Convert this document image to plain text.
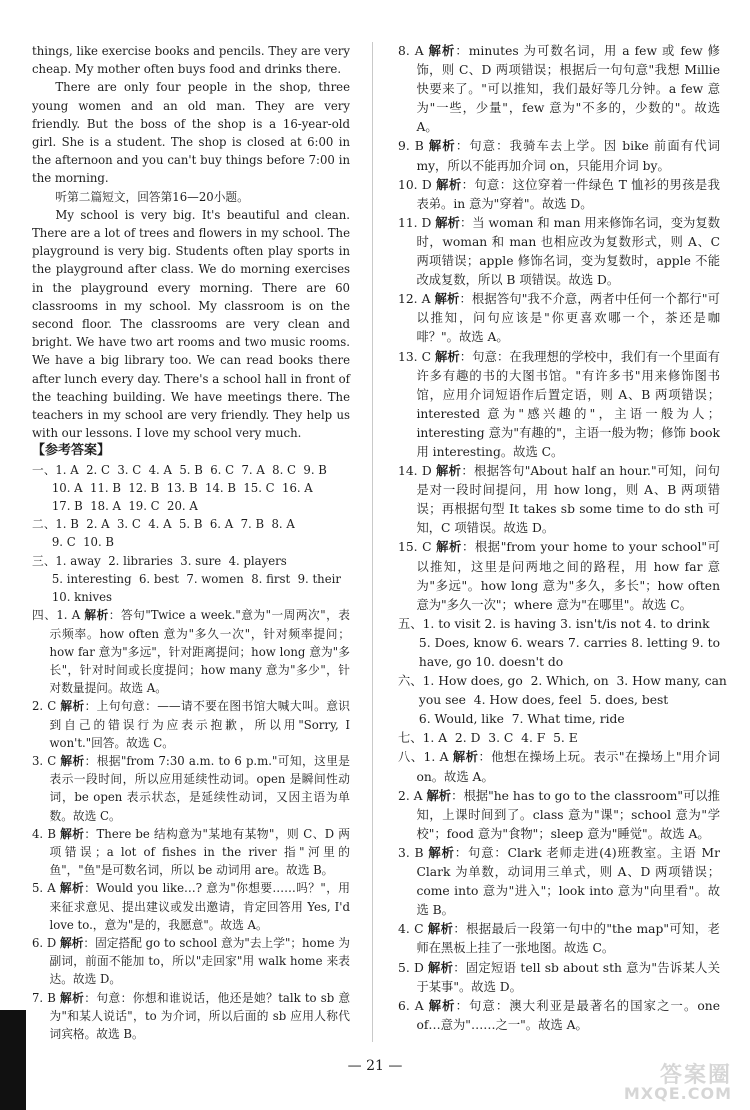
things, like exercise books and pencils. They are very cheap. My mother often buys food and drinks there.
There are only four people in the shop, three young women and an old man. They are very friendly. But the boss of the shop is a 16-year-old girl. She is a student. The shop is closed at 6:00 in the afternoon and you can't buy things before 7:00 in the morning.
听第二篇短文，回答第16—20小题。
My school is very big. It's beautiful and clean. There are a lot of trees and flowers in my school. The playground is very big. Students often play sports in the playground after class. We do morning exercises in the playground every morning. There are 60 classrooms in my school. My classroom is on the second floor. The classrooms are very clean and bright. We have two art rooms and two music rooms. We have a big library too. We can read books there after lunch every day. There's a school hall in front of the teaching building. We have meetings there. The teachers in my school are very friendly. They help us with our lessons. I love my school very much.
【参考答案】
一、1. A  2. C  3. C  4. A  5. B  6. C  7. A  8. C  9. B
10. A  11. B  12. B  13. B  14. B  15. C  16. A
17. B  18. A  19. C  20. A
二、1. B  2. A  3. C  4. A  5. B  6. A  7. B  8. A
9. C  10. B
三、1. away  2. libraries  3. sure  4. players
5. interesting  6. best  7. women  8. first  9. their
10. knives
四、1. A 解析：答句"Twice a week."意为"一周两次"，表示频率。how often 意为"多久一次"，针对频率提问；how far 意为"多远"，针对距离提问；how long 意为"多长"，针对时间或长度提问；how many 意为"多少"，针对数量提问。故选 A。
2. C 解析：上句句意：——请不要在图书馆大喊大叫。意识到自己的错误行为应表示抱歉，所以用"Sorry, I won't."回答。故选 C。
3. C 解析：根据"from 7:30 a.m. to 6 p.m."可知，这里是表示一段时间，所以应用延续性动词。open 是瞬间性动词，be open 表示状态，是延续性动词，又因主语为单数。故选 C。
4. B 解析：There be 结构意为"某地有某物"，则 C、D 两项错误；a lot of fishes in the river 指"河里的鱼"，"鱼"是可数名词，所以 be 动词用 are。故选 B。
5. A 解析：Would you like…? 意为"你想要……吗？"，用来征求意见、提出建议或发出邀请，肯定回答用 Yes, I'd love to.，意为"是的，我愿意"。故选 A。
6. D 解析：固定搭配 go to school 意为"去上学"；home 为副词，前面不能加 to，所以"走回家"用 walk home 来表达。故选 D。
7. B 解析：句意：你想和谁说话，他还是她？talk to sb 意为"和某人说话"，to 为介词，所以后面的 sb 应用人称代词宾格。故选 B。
8. A 解析：minutes 为可数名词，用 a few 或 few 修饰，则 C、D 两项错误；根据后一句句意"我想 Millie 快要来了。"可以推知，我们最好等几分钟。a few 意为"一些，少量"，few 意为"不多的，少数的"。故选 A。
9. B 解析：句意：我骑车去上学。因 bike 前面有代词 my，所以不能再加介词 on，只能用介词 by。
10. D 解析：句意：这位穿着一件绿色 T 恤衫的男孩是我表弟。in 意为"穿着"。故选 D。
11. D 解析：当 woman 和 man 用来修饰名词，变为复数时，woman 和 man 也相应改为复数形式，则 A、C 两项错误；apple 修饰名词，变为复数时，apple 不能改成复数，所以 B 项错误。故选 D。
12. A 解析：根据答句"我不介意，两者中任何一个都行"可以推知，问句应该是"你更喜欢哪一个，茶还是咖啡？"。故选 A。
13. C 解析：句意：在我理想的学校中，我们有一个里面有许多有趣的书的大图书馆。"有许多书"用来修饰图书馆，应用介词短语作后置定语，则 A、B 两项错误；interested 意为"感兴趣的"，主语一般为人；interesting 意为"有趣的"，主语一般为物；修饰 book 用 interesting。故选 C。
14. D 解析：根据答句"About half an hour."可知，问句是对一段时间提问，用 how long，则 A、B 两项错误；再根据句型 It takes sb some time to do sth 可知，C 项错误。故选 D。
15. C 解析：根据"from your home to your school"可以推知，这里是问两地之间的路程，用 how far 意为"多远"。how long 意为"多久，多长"；how often 意为"多久一次"；where 意为"在哪里"。故选 C。
五、1. to visit 2. is having 3. isn't/is not 4. to drink
5. Does, know 6. wears 7. carries 8. letting 9. to have, go 10. doesn't do
六、1. How does, go  2. Which, on  3. How many, can
you see  4. How does, feel  5. does, best
6. Would, like  7. What time, ride
七、1. A  2. D  3. C  4. F  5. E
八、1. A 解析：他想在操场上玩。表示"在操场上"用介词 on。故选 A。
2. A 解析：根据"he has to go to the classroom"可以推知，上课时间到了。class 意为"课"；school 意为"学校"；food 意为"食物"；sleep 意为"睡觉"。故选 A。
3. B 解析：句意：Clark 老师走进(4)班教室。主语 Mr Clark 为单数，动词用三单式，则 A、D 两项错误；come into 意为"进入"；look into 意为"向里看"。故选 B。
4. C 解析：根据最后一段第一句中的"the map"可知，老师在黑板上挂了一张地图。故选 C。
5. D 解析：固定短语 tell sb about sth 意为"告诉某人关于某事"。故选 D。
6. A 解析：句意：澳大利亚是最著名的国家之一。one of…意为"……之一"。故选 A。
— 21 —	答案圈
MXQE.COM
